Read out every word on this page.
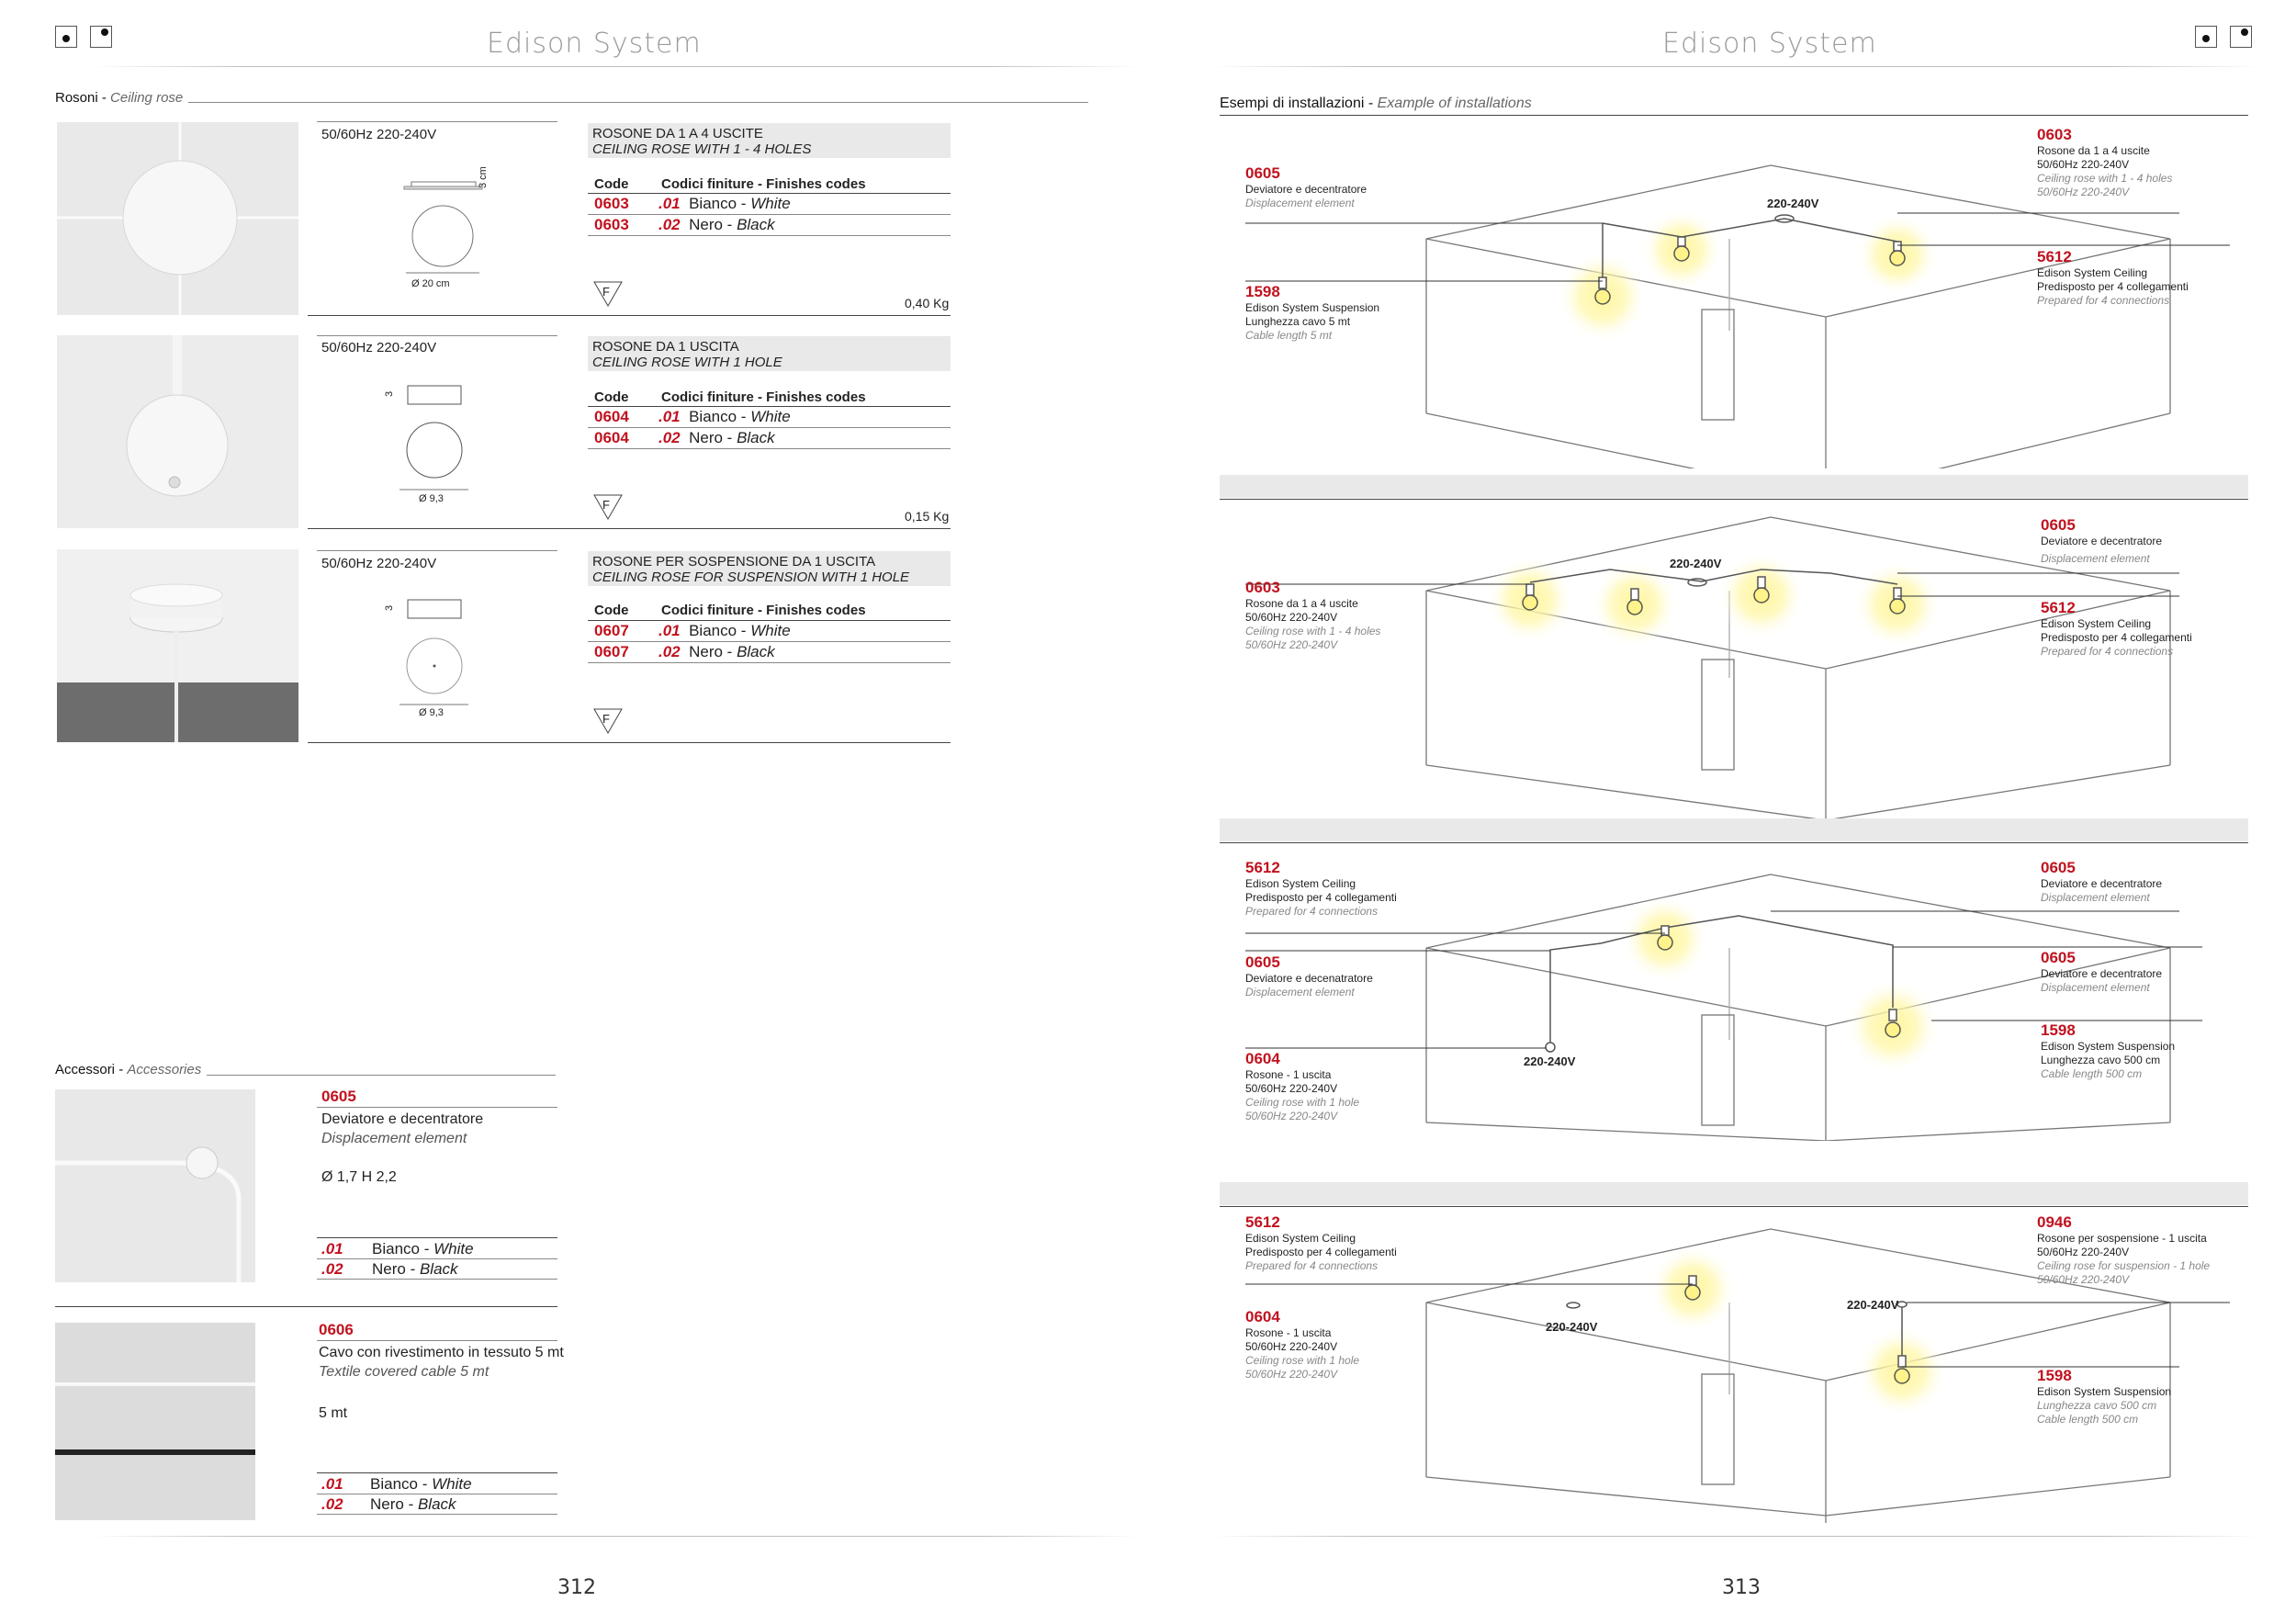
Edison System	Edison System
Rosoni - Ceiling rose
50/60Hz 220-240V
3 cm
Ø 20 cm
ROSONE DA 1 A 4 USCITE
CEILING ROSE WITH 1 - 4 HOLES
Code Codici finiture - Finishes codes
0603 .01 Bianco - White
0603 .02 Nero - Black
F
0,40 Kg
50/60Hz 220-240V
3
Ø 9,3
ROSONE DA 1 USCITA
CEILING ROSE WITH 1 HOLE
Code Codici finiture - Finishes codes
0604 .01 Bianco - White
0604 .02 Nero - Black
F
0,15 Kg
50/60Hz 220-240V
3
Ø 9,3
ROSONE PER SOSPENSIONE DA 1 USCITA
CEILING ROSE FOR SUSPENSION WITH 1 HOLE
Code Codici finiture - Finishes codes
0607 .01 Bianco - White
0607 .02 Nero - Black
F
Accessori - Accessories
0605
Deviatore e decentratore
Displacement element
Ø 1,7 H 2,2
.01 Bianco - White
.02 Nero - Black
0606
Cavo con rivestimento in tessuto 5 mt
Textile covered cable 5 mt
5 mt
.01 Bianco - White
.02 Nero - Black
312
Esempi di installazioni - Example of installations
220-240V
0605
Deviatore e decentratore
Displacement element
1598
Edison System Suspension
Lunghezza cavo 5 mt
Cable length 5 mt
0603
Rosone da 1 a 4 uscite
50/60Hz 220-240V
Ceiling rose with 1 - 4 holes
50/60Hz 220-240V
5612
Edison System Ceiling
Predisposto per 4 collegamenti
Prepared for 4 connections
220-240V
0603
Rosone da 1 a 4 uscite
50/60Hz 220-240V
Ceiling rose with 1 - 4 holes
50/60Hz 220-240V
0605
Deviatore e decentratore
Displacement element
5612
Edison System Ceiling
Predisposto per 4 collegamenti
Prepared for 4 connections
220-240V
5612
Edison System Ceiling
Predisposto per 4 collegamenti
Prepared for 4 connections
0605
Deviatore e decenatratore
Displacement element
0604
Rosone - 1 uscita
50/60Hz 220-240V
Ceiling rose with 1 hole
50/60Hz 220-240V
0605
Deviatore e decentratore
Displacement element
0605
Deviatore e decentratore
Displacement element
1598
Edison System Suspension
Lunghezza cavo 500 cm
Cable length 500 cm
220-240V
220-240V
5612
Edison System Ceiling
Predisposto per 4 collegamenti
Prepared for 4 connections
0604
Rosone - 1 uscita
50/60Hz 220-240V
Ceiling rose with 1 hole
50/60Hz 220-240V
0946
Rosone per sospensione - 1 uscita
50/60Hz 220-240V
Ceiling rose for suspension - 1 hole
50/60Hz 220-240V
1598
Edison System Suspension
Lunghezza cavo 500 cm
Cable length 500 cm
313
